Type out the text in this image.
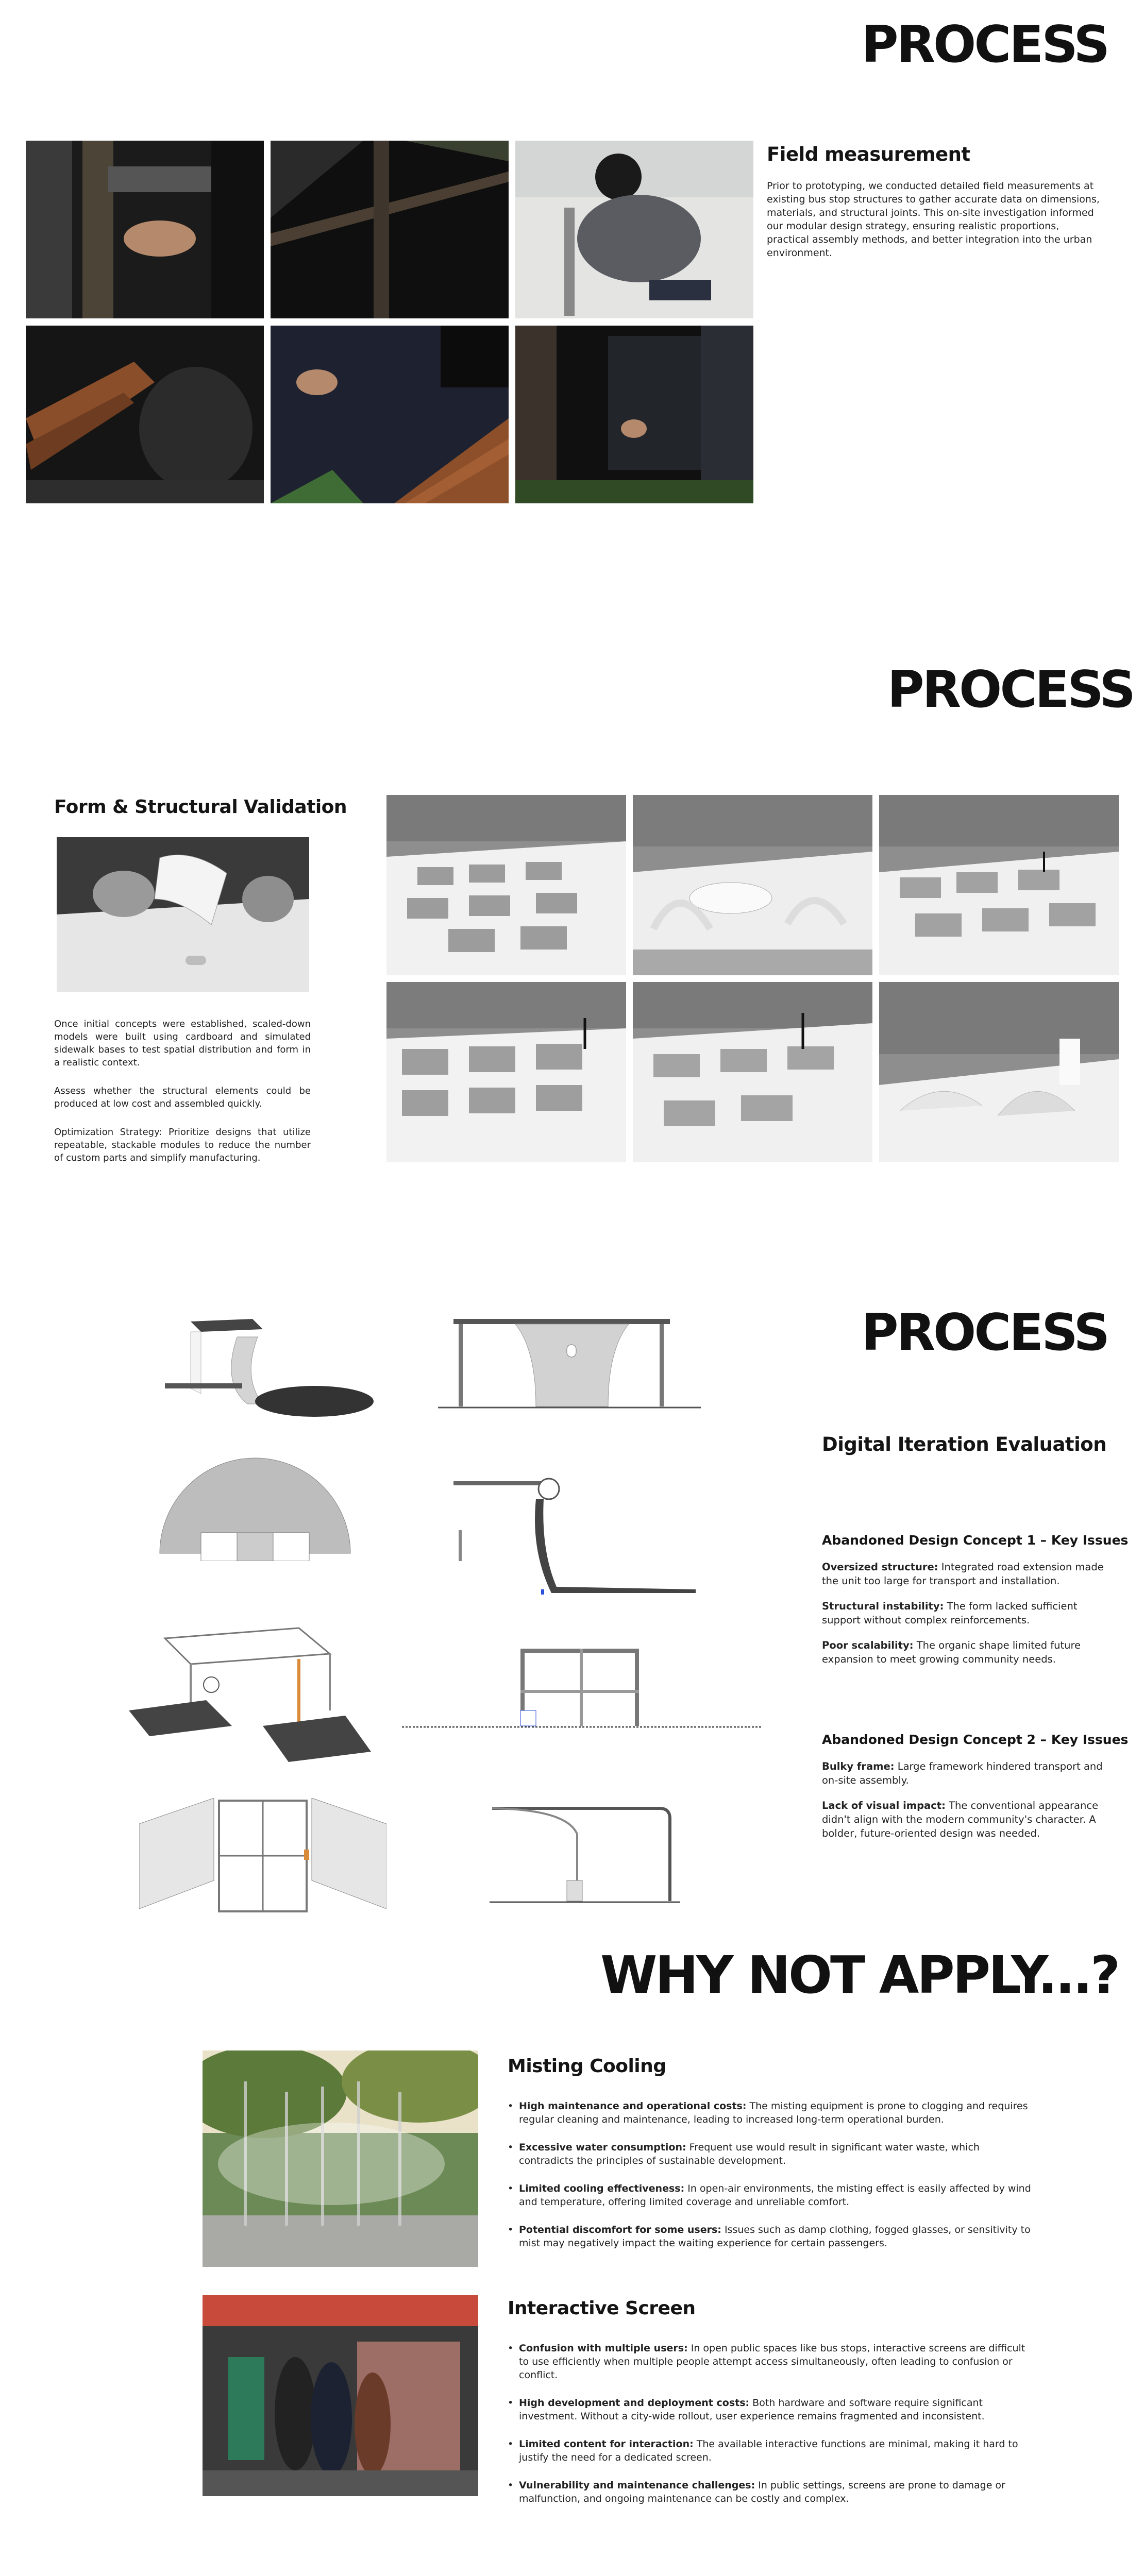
PROCESS
Field measurement
Prior to prototyping, we conducted detailed field measurements at existing bus stop structures to gather accurate data on dimensions, materials, and structural joints. This on-site investigation informed our modular design strategy, ensuring realistic proportions, practical assembly methods, and better integration into the urban environment.
PROCESS
Form & Structural Validation
Once initial concepts were established, scaled-down models were built using cardboard and simulated sidewalk bases to test spatial distribution and form in a realistic context.
Assess whether the structural elements could be produced at low cost and assembled quickly.
Optimization Strategy: Prioritize designs that utilize repeatable, stackable modules to reduce the number of custom parts and simplify manufacturing.
PROCESS
Digital Iteration Evaluation
Abandoned Design Concept 1 – Key Issues

Oversized structure: Integrated road extension made the unit too large for transport and installation.

Structural instability: The form lacked sufficient support without complex reinforcements.

Poor scalability: The organic shape limited future expansion to meet growing community needs.

Abandoned Design Concept 2 – Key Issues

Bulky frame: Large framework hindered transport and on-site assembly.

Lack of visual impact: The conventional appearance didn't align with the modern community's character. A bolder, future-oriented design was needed.

WHY NOT APPLY...?
Misting Cooling
• High maintenance and operational costs: The misting equipment is prone to clogging and requires regular cleaning and maintenance, leading to increased long-term operational burden.
• Excessive water consumption: Frequent use would result in significant water waste, which contradicts the principles of sustainable development.
• Limited cooling effectiveness: In open-air environments, the misting effect is easily affected by wind and temperature, offering limited coverage and unreliable comfort.
• Potential discomfort for some users: Issues such as damp clothing, fogged glasses, or sensitivity to mist may negatively impact the waiting experience for certain passengers.
Interactive Screen
• Confusion with multiple users: In open public spaces like bus stops, interactive screens are difficult to use efficiently when multiple people attempt access simultaneously, often leading to confusion or conflict.
• High development and deployment costs: Both hardware and software require significant investment. Without a city-wide rollout, user experience remains fragmented and inconsistent.
• Limited content for interaction: The available interactive functions are minimal, making it hard to justify the need for a dedicated screen.
• Vulnerability and maintenance challenges: In public settings, screens are prone to damage or malfunction, and ongoing maintenance can be costly and complex.
